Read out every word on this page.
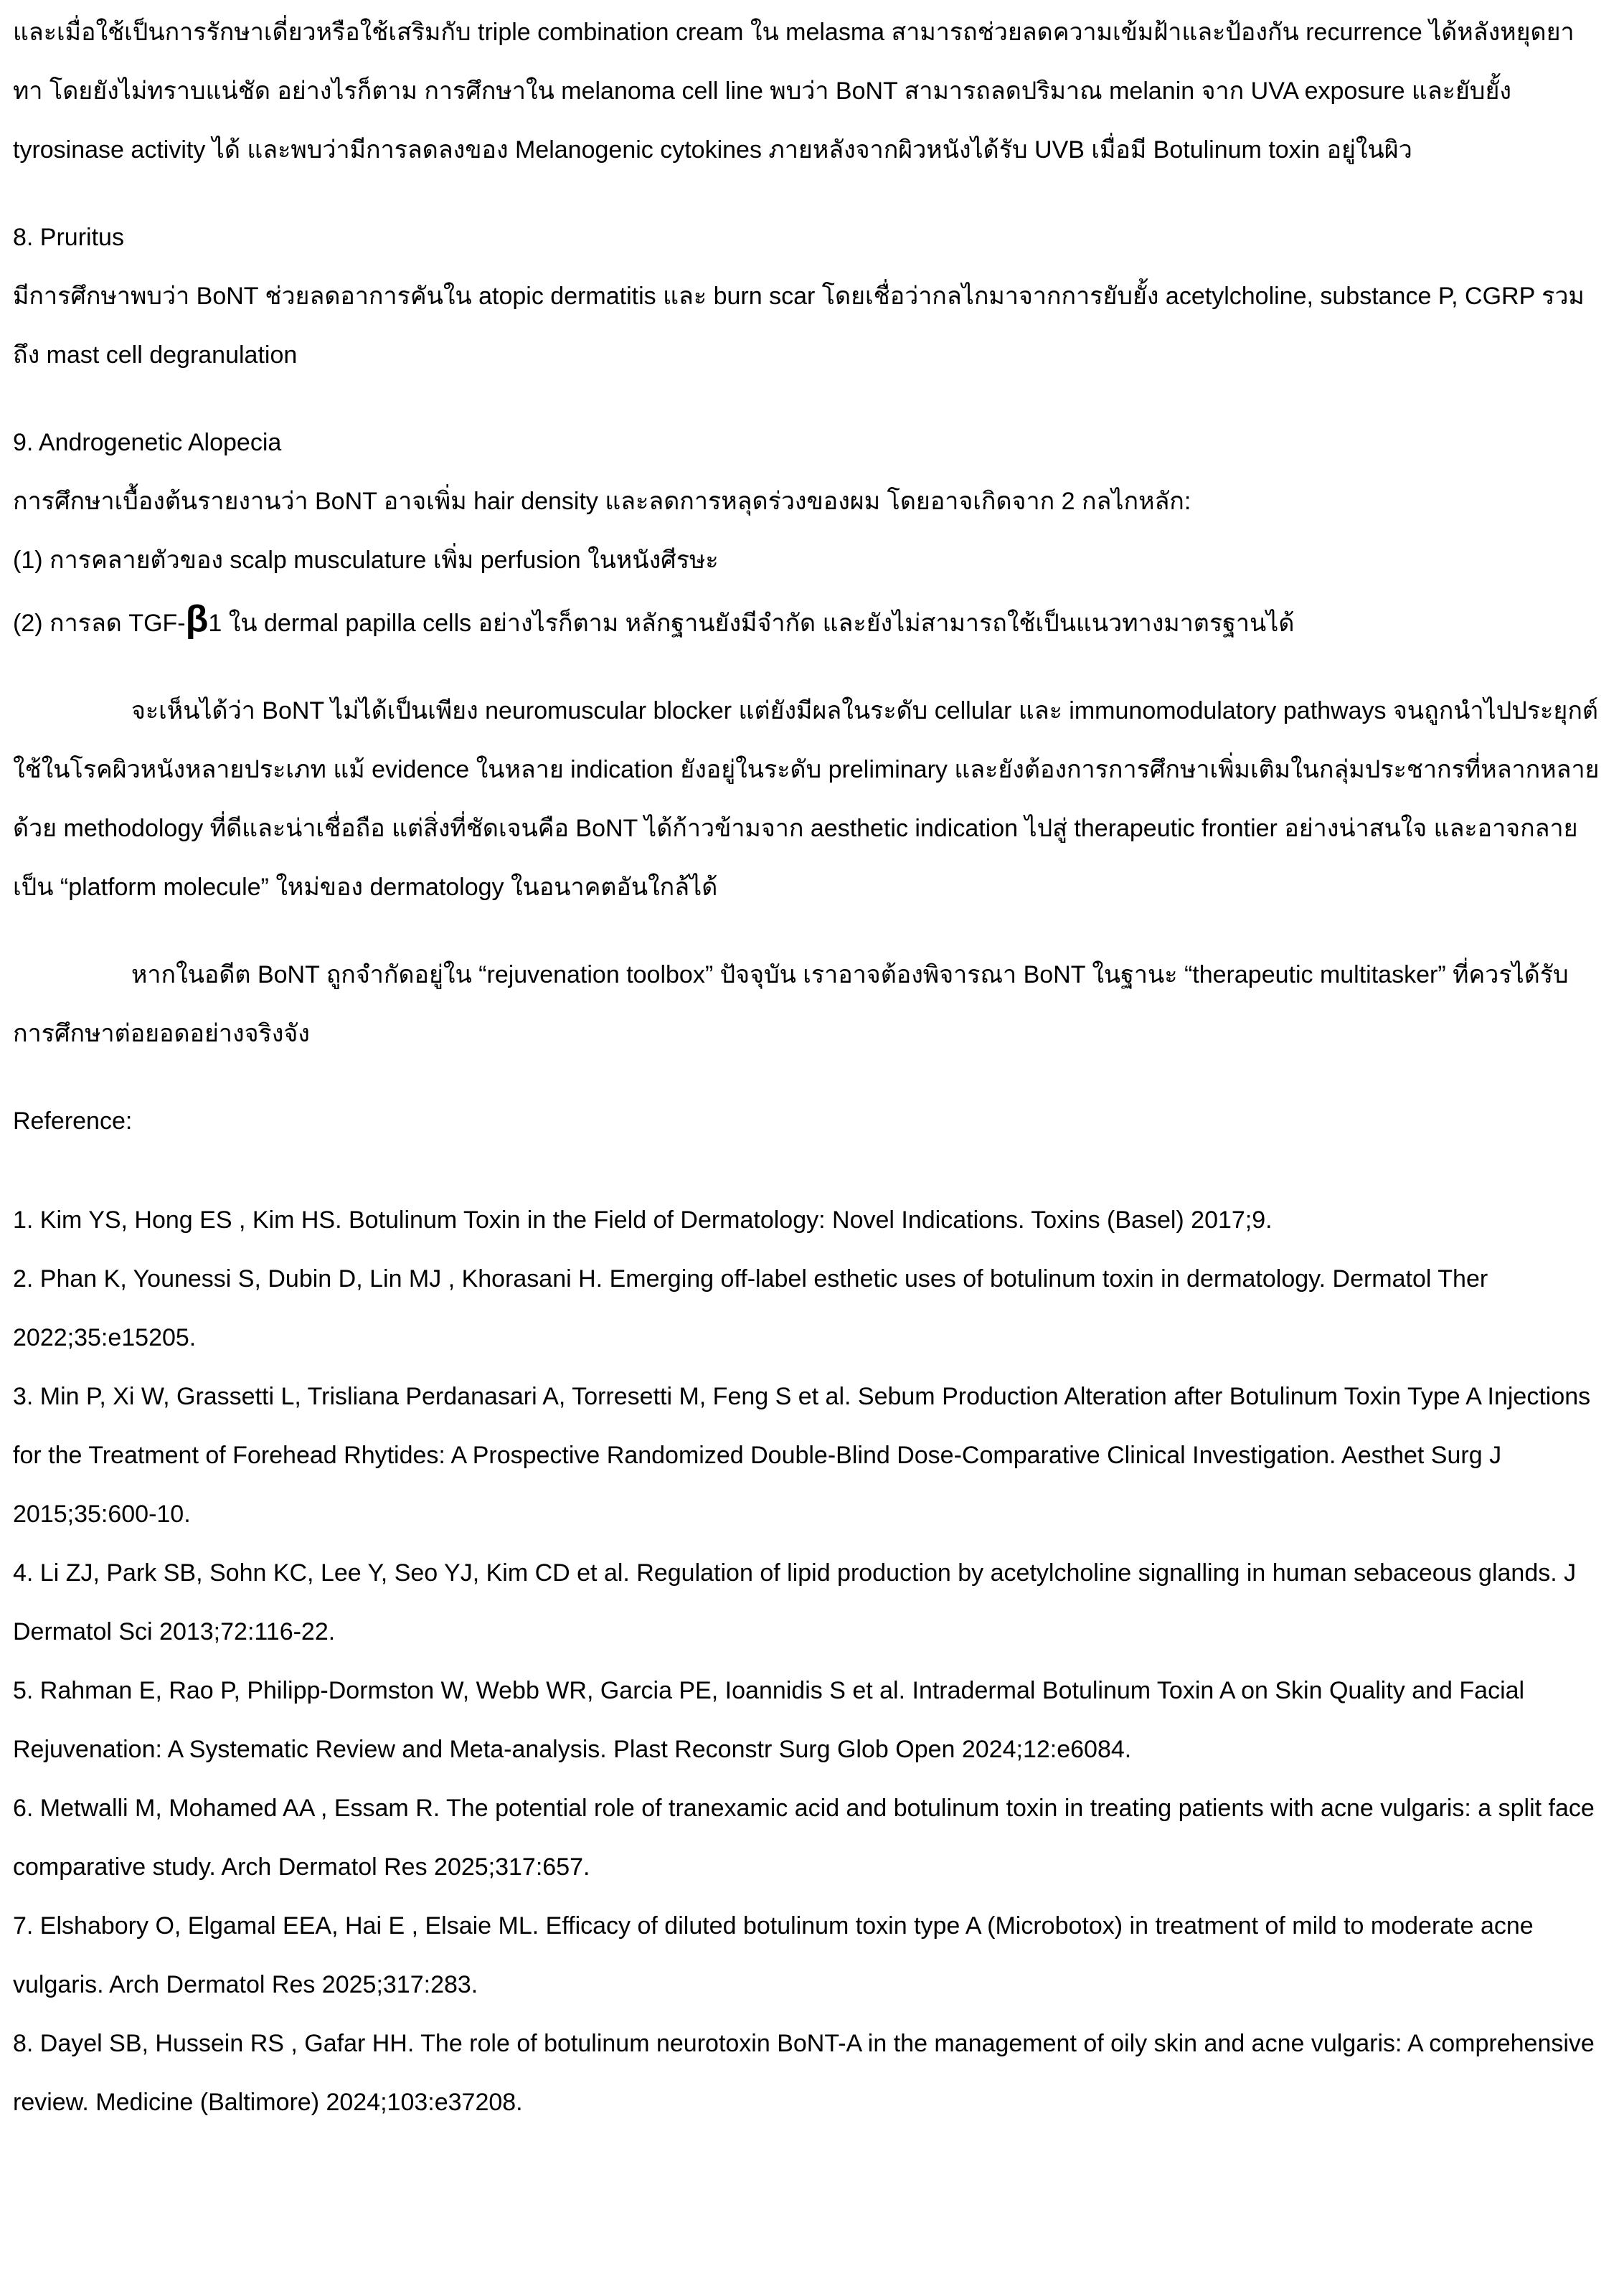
และเมื่อใช้เป็นการรักษาเดี่ยวหรือใช้เสริมกับ triple combination cream ใน melasma สามารถช่วยลดความเข้มฝ้าและป้องกัน recurrence ได้หลังหยุดยาทา โดยยังไม่ทราบแน่ชัด อย่างไรก็ตาม การศึกษาใน melanoma cell line พบว่า BoNT สามารถลดปริมาณ melanin จาก UVA exposure และยับยั้ง tyrosinase activity ได้ และพบว่ามีการลดลงของ Melanogenic cytokines ภายหลังจากผิวหนังได้รับ UVB เมื่อมี Botulinum toxin อยู่ในผิว

8. Pruritus

มีการศึกษาพบว่า BoNT ช่วยลดอาการคันใน atopic dermatitis และ burn scar โดยเชื่อว่ากลไกมาจากการยับยั้ง acetylcholine, substance P, CGRP รวมถึง mast cell degranulation

9. Androgenetic Alopecia

การศึกษาเบื้องต้นรายงานว่า BoNT อาจเพิ่ม hair density และลดการหลุดร่วงของผม โดยอาจเกิดจาก 2 กลไกหลัก:

(1) การคลายตัวของ scalp musculature เพิ่ม perfusion ในหนังศีรษะ

(2) การลด TGF-β1 ใน dermal papilla cells อย่างไรก็ตาม หลักฐานยังมีจำกัด และยังไม่สามารถใช้เป็นแนวทางมาตรฐานได้

จะเห็นได้ว่า BoNT ไม่ได้เป็นเพียง neuromuscular blocker แต่ยังมีผลในระดับ cellular และ immunomodulatory pathways จนถูกนำไปประยุกต์ใช้ในโรคผิวหนังหลายประเภท แม้ evidence ในหลาย indication ยังอยู่ในระดับ preliminary และยังต้องการการศึกษาเพิ่มเติมในกลุ่มประชากรที่หลากหลาย ด้วย methodology ที่ดีและน่าเชื่อถือ แต่สิ่งที่ชัดเจนคือ BoNT ได้ก้าวข้ามจาก aesthetic indication ไปสู่ therapeutic frontier อย่างน่าสนใจ และอาจกลายเป็น “platform molecule” ใหม่ของ dermatology ในอนาคตอันใกล้ได้

หากในอดีต BoNT ถูกจำกัดอยู่ใน “rejuvenation toolbox” ปัจจุบัน เราอาจต้องพิจารณา BoNT ในฐานะ “therapeutic multitasker” ที่ควรได้รับการศึกษาต่อยอดอย่างจริงจัง

Reference:

1. Kim YS, Hong ES , Kim HS. Botulinum Toxin in the Field of Dermatology: Novel Indications. Toxins (Basel) 2017;9.

2. Phan K, Younessi S, Dubin D, Lin MJ , Khorasani H. Emerging off-label esthetic uses of botulinum toxin in dermatology. Dermatol Ther 2022;35:e15205.

3. Min P, Xi W, Grassetti L, Trisliana Perdanasari A, Torresetti M, Feng S et al. Sebum Production Alteration after Botulinum Toxin Type A Injections for the Treatment of Forehead Rhytides: A Prospective Randomized Double-Blind Dose-Comparative Clinical Investigation. Aesthet Surg J 2015;35:600-10.

4. Li ZJ, Park SB, Sohn KC, Lee Y, Seo YJ, Kim CD et al. Regulation of lipid production by acetylcholine signalling in human sebaceous glands. J Dermatol Sci 2013;72:116-22.

5. Rahman E, Rao P, Philipp-Dormston W, Webb WR, Garcia PE, Ioannidis S et al. Intradermal Botulinum Toxin A on Skin Quality and Facial Rejuvenation: A Systematic Review and Meta-analysis. Plast Reconstr Surg Glob Open 2024;12:e6084.

6. Metwalli M, Mohamed AA , Essam R. The potential role of tranexamic acid and botulinum toxin in treating patients with acne vulgaris: a split face comparative study. Arch Dermatol Res 2025;317:657.

7. Elshabory O, Elgamal EEA, Hai E , Elsaie ML. Efficacy of diluted botulinum toxin type A (Microbotox) in treatment of mild to moderate acne vulgaris. Arch Dermatol Res 2025;317:283.

8. Dayel SB, Hussein RS , Gafar HH. The role of botulinum neurotoxin BoNT-A in the management of oily skin and acne vulgaris: A comprehensive review. Medicine (Baltimore) 2024;103:e37208.
